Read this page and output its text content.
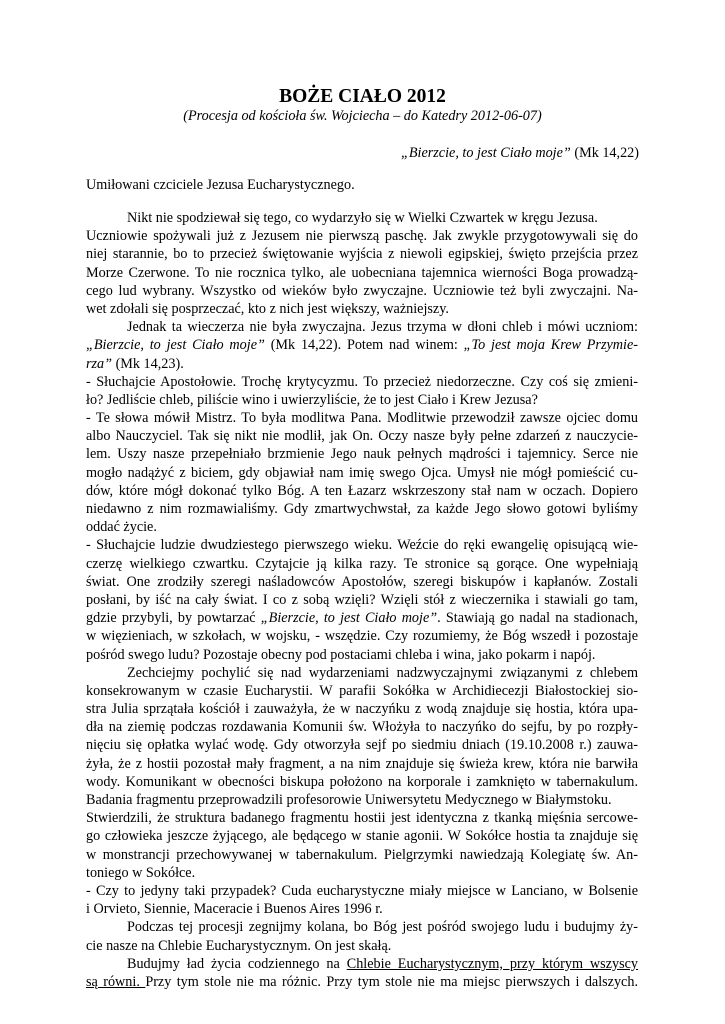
BOŻE CIAŁO 2012
(Procesja od kościoła św. Wojciecha – do Katedry 2012-06-07)
„Bierzcie, to jest Ciało moje” (Mk 14,22)
Umiłowani czciciele Jezusa Eucharystycznego.
Nikt nie spodziewał się tego, co wydarzyło się w Wielki Czwartek w kręgu Jezusa.
Uczniowie spożywali już z Jezusem nie pierwszą paschę. Jak zwykle przygotowywali się do
niej starannie, bo to przecież świętowanie wyjścia z niewoli egipskiej, święto przejścia przez
Morze Czerwone. To nie rocznica tylko, ale uobecniana tajemnica wierności Boga prowadzą-
cego lud wybrany. Wszystko od wieków było zwyczajne. Uczniowie też byli zwyczajni. Na-
wet zdołali się posprzeczać, kto z nich jest większy, ważniejszy.
Jednak ta wieczerza nie była zwyczajna. Jezus trzyma w dłoni chleb i mówi uczniom:
„Bierzcie, to jest Ciało moje” (Mk 14,22). Potem nad winem: „To jest moja Krew Przymie-
rza” (Mk 14,23).
- Słuchajcie Apostołowie. Trochę krytycyzmu. To przecież niedorzeczne. Czy coś się zmieni-
ło? Jedliście chleb, piliście wino i uwierzyliście, że to jest Ciało i Krew Jezusa?
- Te słowa mówił Mistrz. To była modlitwa Pana. Modlitwie przewodził zawsze ojciec domu
albo Nauczyciel. Tak się nikt nie modlił, jak On. Oczy nasze były pełne zdarzeń z nauczycie-
lem. Uszy nasze przepełniało brzmienie Jego nauk pełnych mądrości i tajemnicy. Serce nie
mogło nadążyć z biciem, gdy objawiał nam imię swego Ojca. Umysł nie mógł pomieścić cu-
dów, które mógł dokonać tylko Bóg. A ten Łazarz wskrzeszony stał nam w oczach. Dopiero
niedawno z nim rozmawialiśmy. Gdy zmartwychwstał, za każde Jego słowo gotowi byliśmy
oddać życie.
- Słuchajcie ludzie dwudziestego pierwszego wieku. Weźcie do ręki ewangelię opisującą wie-
czerzę wielkiego czwartku. Czytajcie ją kilka razy. Te stronice są gorące. One wypełniają
świat. One zrodziły szeregi naśladowców Apostołów, szeregi biskupów i kapłanów. Zostali
posłani, by iść na cały świat. I co z sobą wzięli? Wzięli stół z wieczernika i stawiali go tam,
gdzie przybyli, by powtarzać „Bierzcie, to jest Ciało moje”. Stawiają go nadal na stadionach,
w więzieniach, w szkołach, w wojsku, - wszędzie. Czy rozumiemy, że Bóg wszedł i pozostaje
pośród swego ludu? Pozostaje obecny pod postaciami chleba i wina, jako pokarm i napój.
Zechciejmy pochylić się nad wydarzeniami nadzwyczajnymi związanymi z chlebem
konsekrowanym w czasie Eucharystii. W parafii Sokółka w Archidiecezji Białostockiej sio-
stra Julia sprzątała kościół i zauważyła, że w naczyńku z wodą znajduje się hostia, która upa-
dła na ziemię podczas rozdawania Komunii św. Włożyła to naczyńko do sejfu, by po rozpły-
nięciu się opłatka wylać wodę. Gdy otworzyła sejf po siedmiu dniach (19.10.2008 r.) zauwa-
żyła, że z hostii pozostał mały fragment, a na nim znajduje się świeża krew, która nie barwiła
wody. Komunikant w obecności biskupa położono na korporale i zamknięto w tabernakulum.
Badania fragmentu przeprowadzili profesorowie Uniwersytetu Medycznego w Białymstoku.
Stwierdzili, że struktura badanego fragmentu hostii jest identyczna z tkanką mięśnia sercowe-
go człowieka jeszcze żyjącego, ale będącego w stanie agonii. W Sokółce hostia ta znajduje się
w monstrancji przechowywanej w tabernakulum. Pielgrzymki nawiedzają Kolegiatę św. An-
toniego w Sokółce.
- Czy to jedyny taki przypadek? Cuda eucharystyczne miały miejsce w Lanciano, w Bolsenie
i Orvieto, Siennie, Maceracie i Buenos Aires 1996 r.
Podczas tej procesji zegnijmy kolana, bo Bóg jest pośród swojego ludu i budujmy ży-
cie nasze na Chlebie Eucharystycznym. On jest skałą.
Budujmy ład życia codziennego na Chlebie Eucharystycznym, przy którym wszyscy
są równi. Przy tym stole nie ma różnic. Przy tym stole nie ma miejsc pierwszych i dalszych.
